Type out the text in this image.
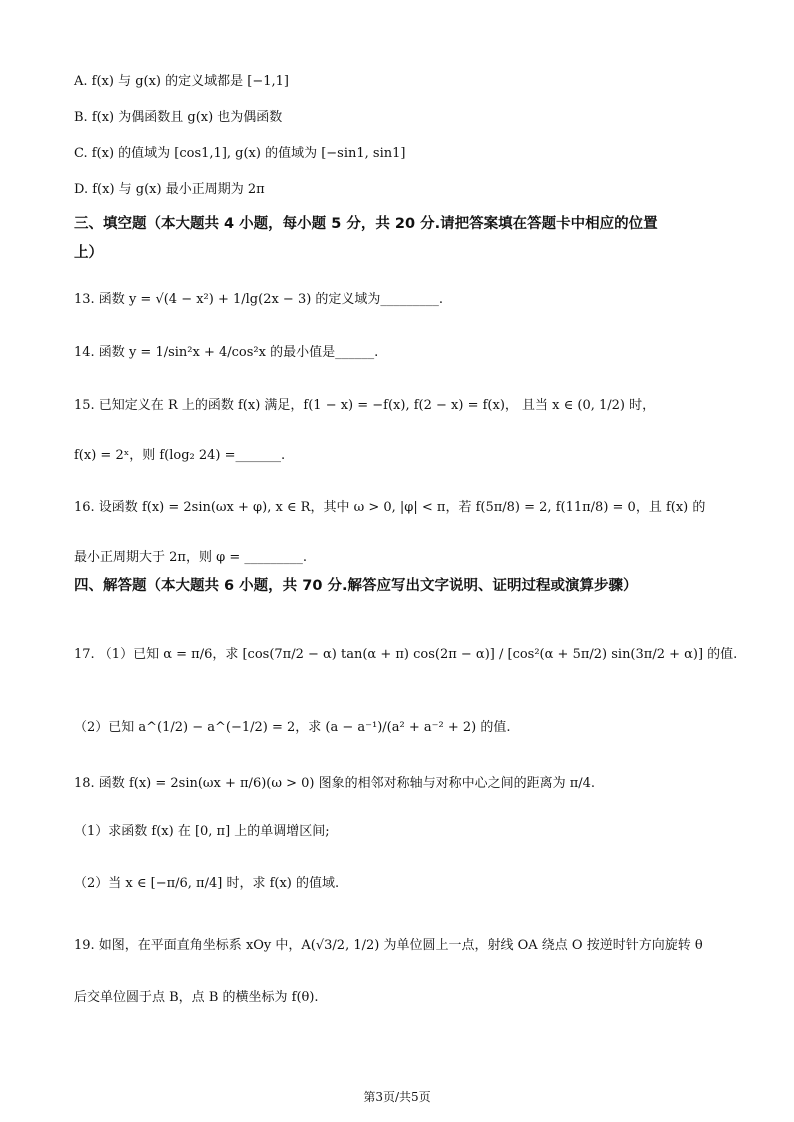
A. f(x) 与 g(x) 的定义域都是 [−1,1]
B. f(x) 为偶函数且 g(x) 也为偶函数
C. f(x) 的值域为 [cos1,1], g(x) 的值域为 [−sin1, sin1]
D. f(x) 与 g(x) 最小正周期为 2π
三、填空题（本大题共 4 小题，每小题 5 分，共 20 分.请把答案填在答题卡中相应的位置
上）
13. 函数 y = √(4 − x²) + 1/lg(2x − 3) 的定义域为_________.
14. 函数 y = 1/sin²x + 4/cos²x 的最小值是______.
15. 已知定义在 R 上的函数 f(x) 满足，f(1 − x) = −f(x), f(2 − x) = f(x)， 且当 x ∈ (0, 1/2) 时，
f(x) = 2ˣ，则 f(log₂ 24) =_______.
16. 设函数 f(x) = 2sin(ωx + φ), x ∈ R，其中 ω > 0, |φ| < π，若 f(5π/8) = 2, f(11π/8) = 0，且 f(x) 的
最小正周期大于 2π，则 φ = _________.
四、解答题（本大题共 6 小题，共 70 分.解答应写出文字说明、证明过程或演算步骤）
17. （1）已知 α = π/6，求 [cos(7π/2 − α) tan(α + π) cos(2π − α)] / [cos²(α + 5π/2) sin(3π/2 + α)] 的值.
（2）已知 a^(1/2) − a^(−1/2) = 2，求 (a − a⁻¹)/(a² + a⁻² + 2) 的值.
18. 函数 f(x) = 2sin(ωx + π/6)(ω > 0) 图象的相邻对称轴与对称中心之间的距离为 π/4.
（1）求函数 f(x) 在 [0, π] 上的单调增区间;
（2）当 x ∈ [−π/6, π/4] 时，求 f(x) 的值域.
19. 如图，在平面直角坐标系 xOy 中，A(√3/2, 1/2) 为单位圆上一点，射线 OA 绕点 O 按逆时针方向旋转 θ
后交单位圆于点 B，点 B 的横坐标为 f(θ).
第3页/共5页
